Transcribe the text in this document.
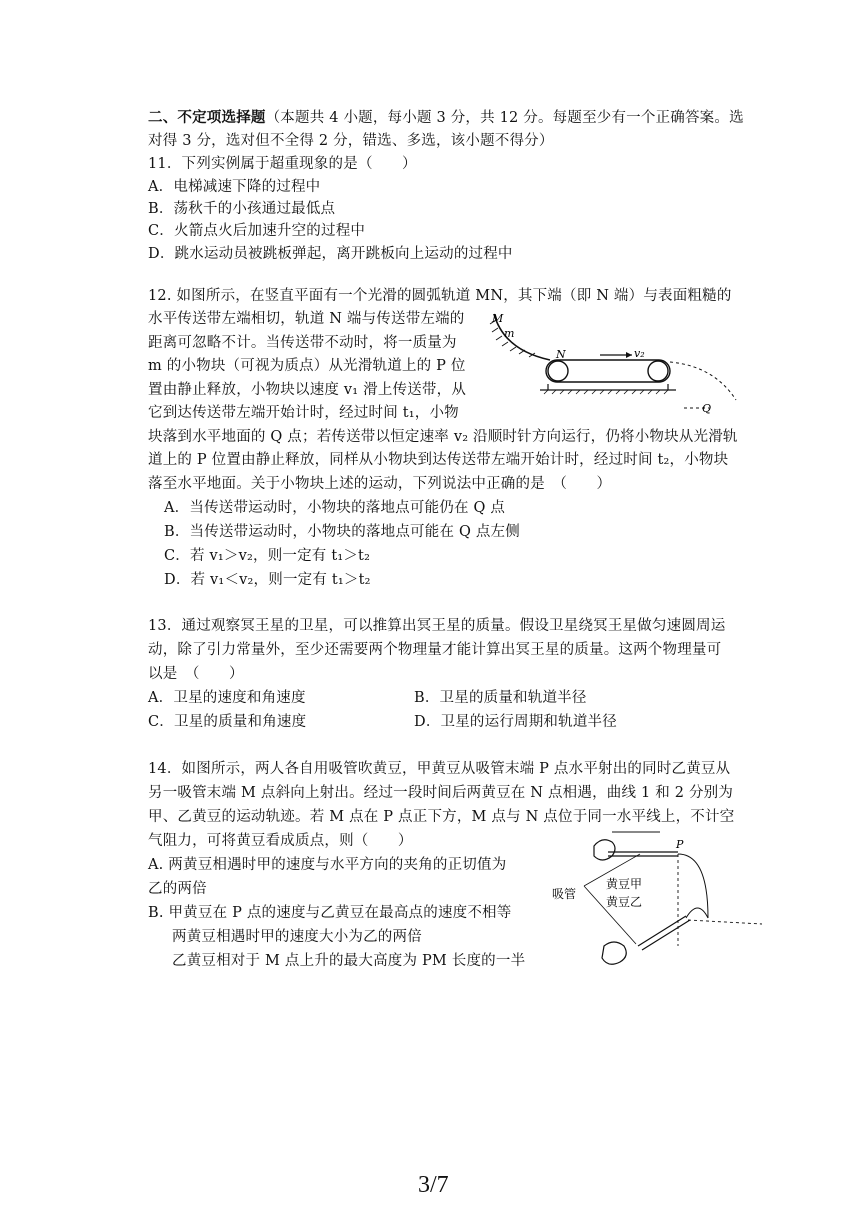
二、不定项选择题（本题共 4 小题，每小题 3 分，共 12 分。每题至少有一个正确答案。选
对得 3 分，选对但不全得 2 分，错选、多选，该小题不得分）
11．下列实例属于超重现象的是（　　）
A．电梯减速下降的过程中
B．荡秋千的小孩通过最低点
C．火箭点火后加速升空的过程中
D．跳水运动员被跳板弹起，离开跳板向上运动的过程中
12. 如图所示，在竖直平面有一个光滑的圆弧轨道 MN，其下端（即 N 端）与表面粗糙的
水平传送带左端相切，轨道 N 端与传送带左端的
距离可忽略不计。当传送带不动时，将一质量为
m 的小物块（可视为质点）从光滑轨道上的 P 位
置由静止释放，小物块以速度 v₁ 滑上传送带，从
它到达传送带左端开始计时，经过时间 t₁，小物
块落到水平地面的 Q 点；若传送带以恒定速率 v₂ 沿顺时针方向运行，仍将小物块从光滑轨
道上的 P 位置由静止释放，同样从小物块到达传送带左端开始计时，经过时间 t₂，小物块
落至水平地面。关于小物块上述的运动，下列说法中正确的是　（　　）
A．当传送带运动时，小物块的落地点可能仍在 Q 点
B．当传送带运动时，小物块的落地点可能在 Q 点左侧
C．若 v₁＞v₂，则一定有 t₁＞t₂
D．若 v₁＜v₂，则一定有 t₁＞t₂
M
m
N	v₂
Q
13．通过观察冥王星的卫星，可以推算出冥王星的质量。假设卫星绕冥王星做匀速圆周运
动，除了引力常量外，至少还需要两个物理量才能计算出冥王星的质量。这两个物理量可
以是　（　　）
A．卫星的速度和角速度	B．卫星的质量和轨道半径
C．卫星的质量和角速度	D．卫星的运行周期和轨道半径
14．如图所示，两人各自用吸管吹黄豆，甲黄豆从吸管末端 P 点水平射出的同时乙黄豆从
另一吸管末端 M 点斜向上射出。经过一段时间后两黄豆在 N 点相遇，曲线 1 和 2 分别为
甲、乙黄豆的运动轨迹。若 M 点在 P 点正下方，M 点与 N 点位于同一水平线上，不计空
气阻力，可将黄豆看成质点，则（　　）
A. 两黄豆相遇时甲的速度与水平方向的夹角的正切值为
乙的两倍
B. 甲黄豆在 P 点的速度与乙黄豆在最高点的速度不相等
两黄豆相遇时甲的速度大小为乙的两倍
乙黄豆相对于 M 点上升的最大高度为 PM 长度的一半
P
吸管
黄豆甲
黄豆乙
3/7
